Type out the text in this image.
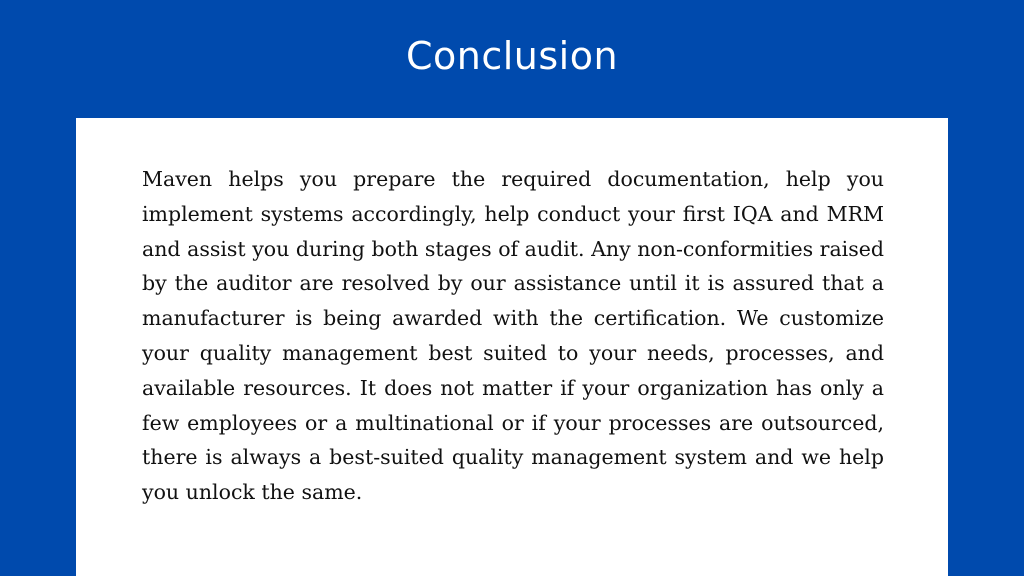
Conclusion

Maven helps you prepare the required documentation, help you implement systems accordingly, help conduct your first IQA and MRM and assist you during both stages of audit. Any non-conformities raised by the auditor are resolved by our assistance until it is assured that a manufacturer is being awarded with the certification. We customize your quality management best suited to your needs, processes, and available resources. It does not matter if your organization has only a few employees or a multinational or if your processes are outsourced, there is always a best-suited quality management system and we help you unlock the same.
